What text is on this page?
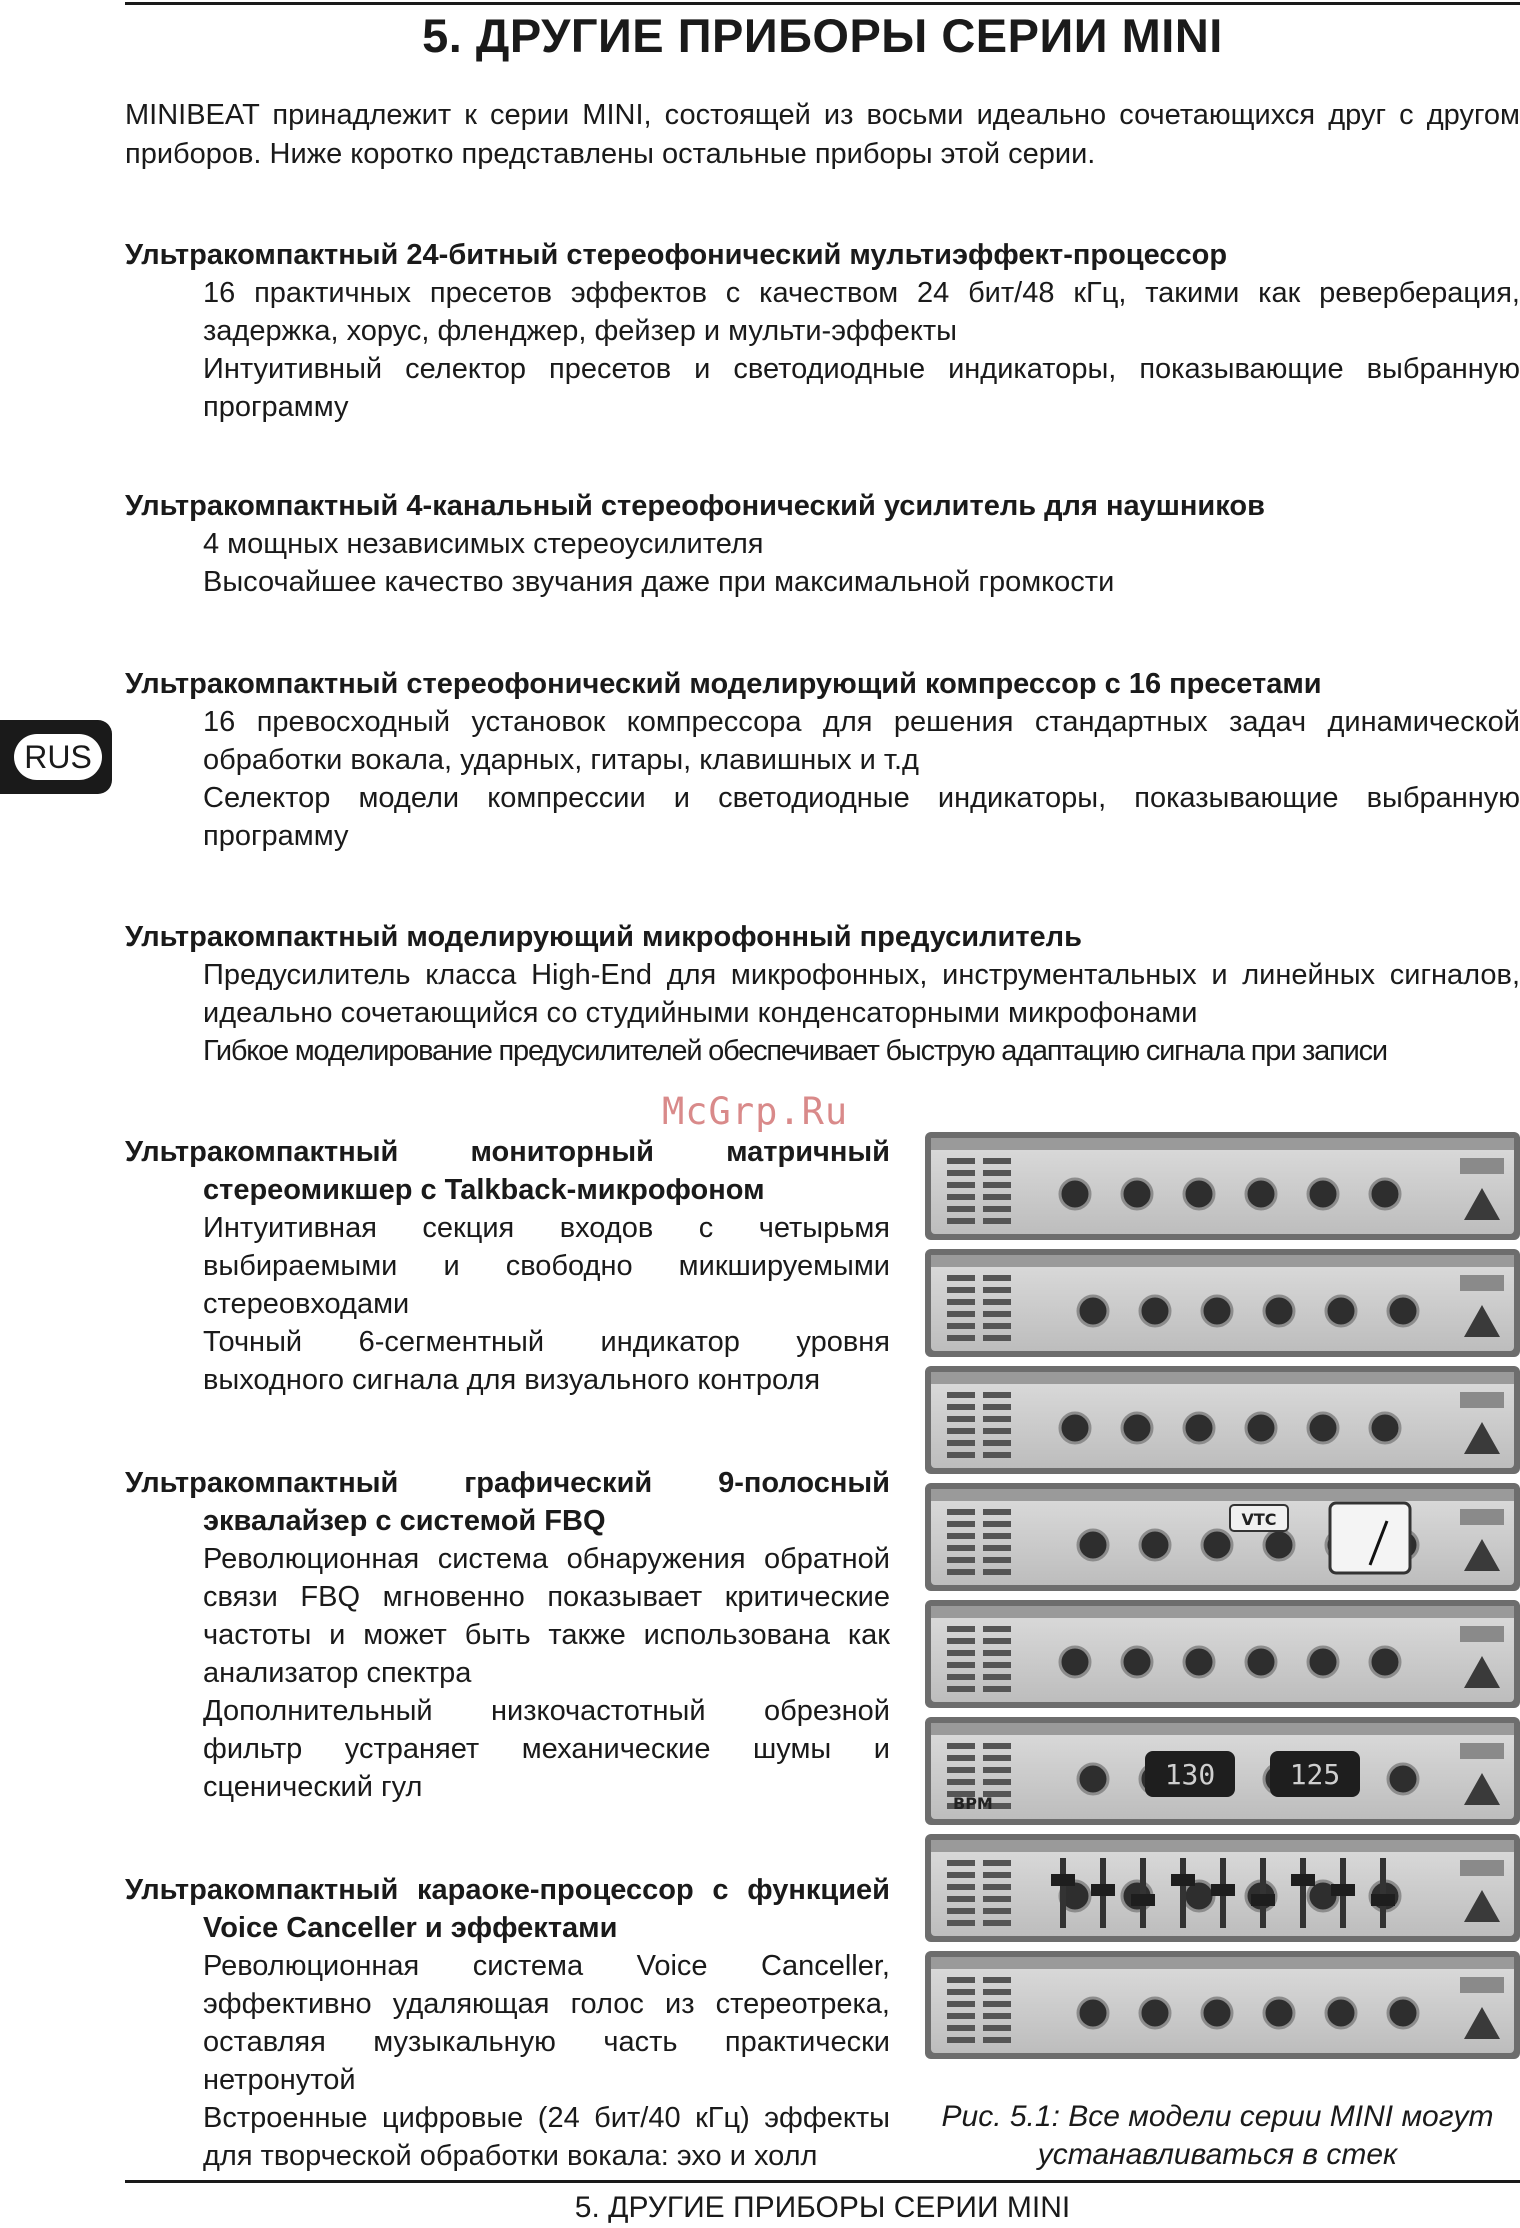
5. ДРУГИЕ ПРИБОРЫ СЕРИИ MINI
MINIBEAT принадлежит к серии MINI, состоящей из восьми идеально сочетающихся друг с другом приборов. Ниже коротко представлены остальные приборы этой серии.
Ультракомпактный 24-битный стереофонический мультиэффект-процессор
16 практичных пресетов эффектов с качеством 24 бит/48 кГц, такими как реверберация, задержка, хорус, фленджер, фейзер и мульти-эффекты
Интуитивный селектор пресетов и светодиодные индикаторы, показывающие выбранную программу
Ультракомпактный 4-канальный стереофонический усилитель для наушников
4 мощных независимых стереоусилителя
Высочайшее качество звучания даже при максимальной громкости
Ультракомпактный стереофонический моделирующий компрессор с 16 пресетами
16 превосходный установок компрессора для решения стандартных задач динамической обработки вокала, ударных, гитары, клавишных и т.д
Селектор модели компрессии и светодиодные индикаторы, показывающие выбранную программу
Ультракомпактный моделирующий микрофонный предусилитель
Предусилитель класса High-End для микрофонных, инструментальных и линейных сигналов, идеально сочетающийся со студийными конденсаторными микрофонами
Гибкое моделирование предусилителей обеспечивает быструю адаптацию сигнала при записи
Ультракомпактный мониторный матричный стереомикшер с Talkback-микрофоном
Интуитивная секция входов с четырьмя выбираемыми и свободно микшируемыми стереовходами
Точный 6-сегментный индикатор уровня выходного сигнала для визуального контроля
Ультракомпактный графический 9-полосный эквалайзер с системой FBQ
Революционная система обнаружения обратной связи FBQ мгновенно показывает критические частоты и может быть также использована как анализатор спектра
Дополнительный низкочастотный обрезной фильтр устраняет механические шумы и сценический гул
Ультракомпактный караоке-процессор с функцией Voice Canceller и эффектами
Революционная система Voice Canceller, эффективно удаляющая голос из стереотрека, оставляя музыкальную часть практически нетронутой
Встроенные цифровые (24 бит/40 кГц) эффекты для творческой обработки вокала: эхо и холл
RUS
McGrp.Ru
130	125
BPM
VTC
Рис. 5.1: Все модели серии MINI могут
устанавливаться в стек
5. ДРУГИЕ ПРИБОРЫ СЕРИИ MINI
